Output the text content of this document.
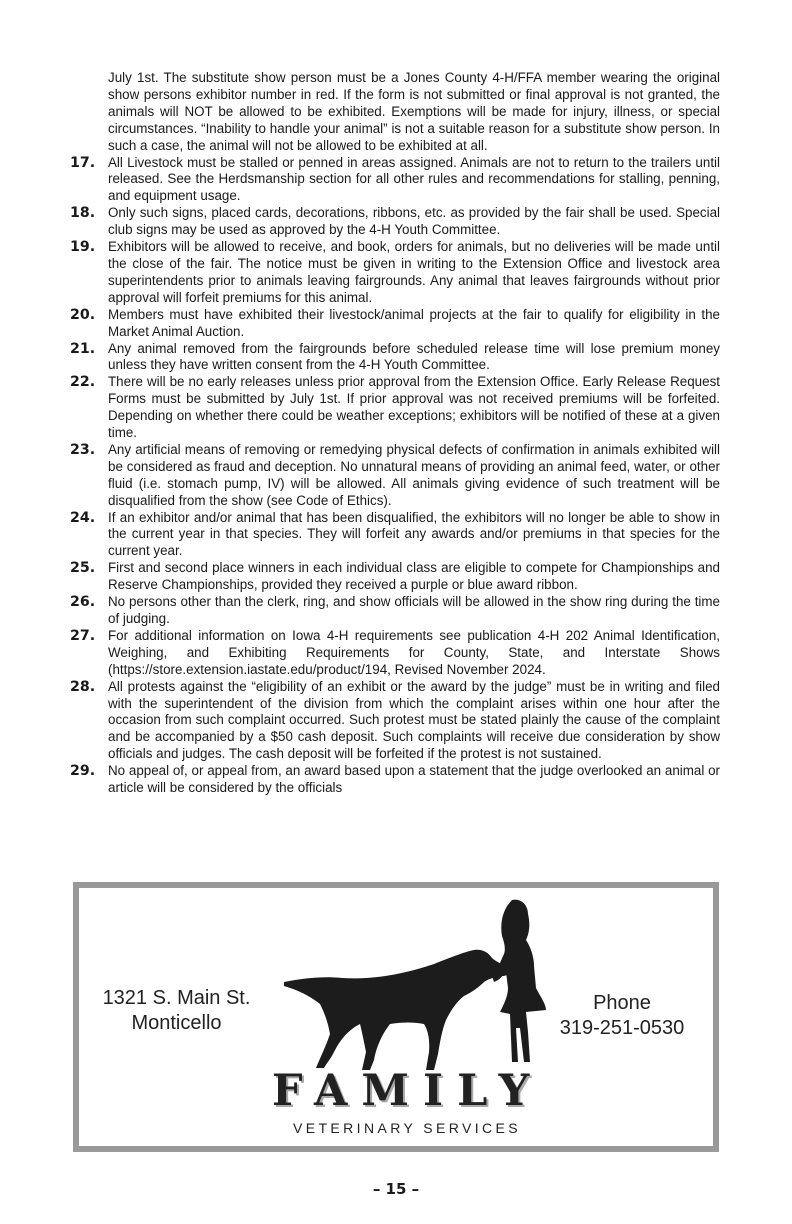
July 1st. The substitute show person must be a Jones County 4-H/FFA member wearing the original show persons exhibitor number in red. If the form is not submitted or final approval is not granted, the animals will NOT be allowed to be exhibited. Exemptions will be made for injury, illness, or special circumstances. “Inability to handle your animal” is not a suitable reason for a substitute show person. In such a case, the animal will not be allowed to be exhibited at all.

17. All Livestock must be stalled or penned in areas assigned. Animals are not to return to the trailers until released. See the Herdsmanship section for all other rules and recommendations for stalling, penning, and equipment usage.
18. Only such signs, placed cards, decorations, ribbons, etc. as provided by the fair shall be used. Special club signs may be used as approved by the 4-H Youth Committee.
19. Exhibitors will be allowed to receive, and book, orders for animals, but no deliveries will be made until the close of the fair. The notice must be given in writing to the Extension Office and livestock area superintendents prior to animals leaving fairgrounds. Any animal that leaves fairgrounds without prior approval will forfeit premiums for this animal.
20. Members must have exhibited their livestock/animal projects at the fair to qualify for eligibility in the Market Animal Auction.
21. Any animal removed from the fairgrounds before scheduled release time will lose premium money unless they have written consent from the 4-H Youth Committee.
22. There will be no early releases unless prior approval from the Extension Office. Early Release Request Forms must be submitted by July 1st. If prior approval was not received premiums will be forfeited. Depending on whether there could be weather exceptions; exhibitors will be notified of these at a given time.
23. Any artificial means of removing or remedying physical defects of confirmation in animals exhibited will be considered as fraud and deception. No unnatural means of providing an animal feed, water, or other fluid (i.e. stomach pump, IV) will be allowed. All animals giving evidence of such treatment will be disqualified from the show (see Code of Ethics).
24. If an exhibitor and/or animal that has been disqualified, the exhibitors will no longer be able to show in the current year in that species. They will forfeit any awards and/or premiums in that species for the current year.
25. First and second place winners in each individual class are eligible to compete for Championships and Reserve Championships, provided they received a purple or blue award ribbon.
26. No persons other than the clerk, ring, and show officials will be allowed in the show ring during the time of judging.
27. For additional information on Iowa 4-H requirements see publication 4-H 202 Animal Identification, Weighing, and Exhibiting Requirements for County, State, and Interstate Shows (https://store.extension.iastate.edu/product/194, Revised November 2024.
28. All protests against the “eligibility of an exhibit or the award by the judge” must be in writing and filed with the superintendent of the division from which the complaint arises within one hour after the occasion from such complaint occurred. Such protest must be stated plainly the cause of the complaint and be accompanied by a $50 cash deposit. Such complaints will receive due consideration by show officials and judges. The cash deposit will be forfeited if the protest is not sustained.
29. No appeal of, or appeal from, an award based upon a statement that the judge overlooked an animal or article will be considered by the officials
1321 S. Main St.
Monticello
FAMILY
VETERINARY SERVICES
Phone
319-251-0530
– 15 –
